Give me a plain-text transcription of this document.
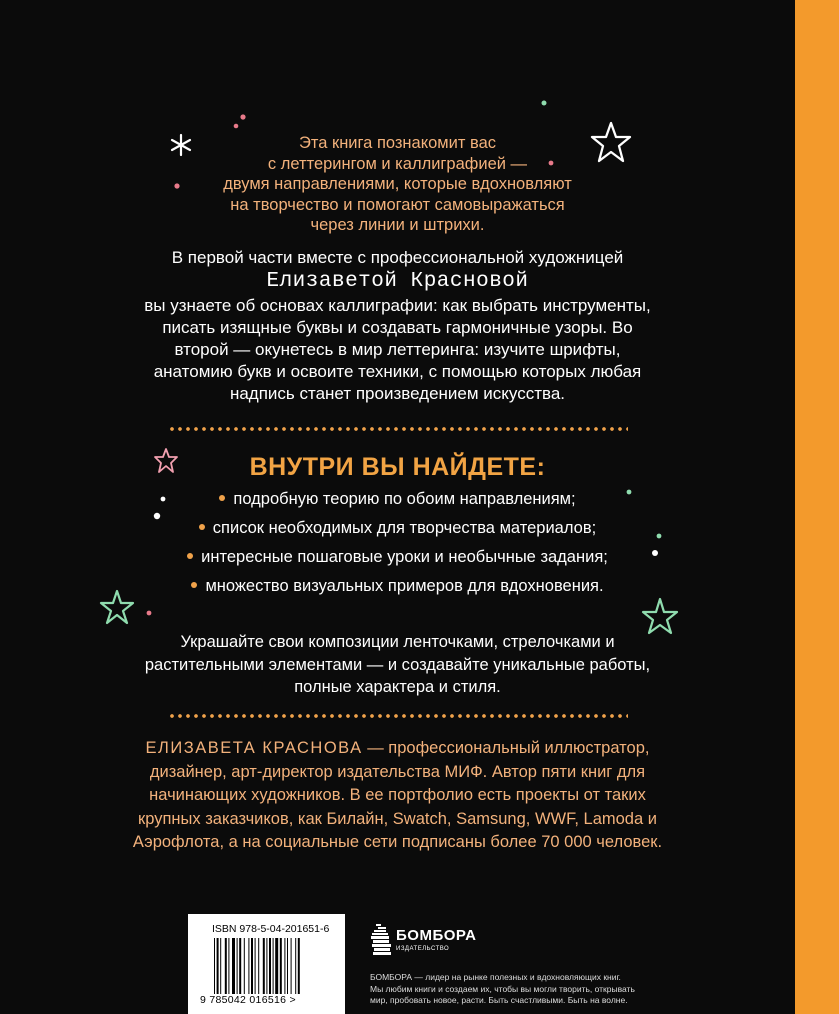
Эта книга познакомит вас
с леттерингом и каллиграфией —
двумя направлениями, которые вдохновляют
на творчество и помогают самовыражаться
через линии и штрихи.
В первой части вместе с профессиональной художницей
Елизаветой Красновой
вы узнаете об основах каллиграфии: как выбрать инструменты,
писать изящные буквы и создавать гармоничные узоры. Во
второй — окунетесь в мир леттеринга: изучите шрифты,
анатомию букв и освоите техники, с помощью которых любая
надпись станет произведением искусства.
ВНУТРИ ВЫ НАЙДЕТЕ:
подробную теорию по обоим направлениям;
список необходимых для творчества материалов;
интересные пошаговые уроки и необычные задания;
множество визуальных примеров для вдохновения.
Украшайте свои композиции ленточками, стрелочками и
растительными элементами — и создавайте уникальные работы,
полные характера и стиля.
ЕЛИЗАВЕТА КРАСНОВА — профессиональный иллюстратор,
дизайнер, арт-директор издательства МИФ. Автор пяти книг для
начинающих художников. В ее портфолио есть проекты от таких
крупных заказчиков, как Билайн, Swatch, Samsung, WWF, Lamoda и
Аэрофлота, а на социальные сети подписаны более 70 000 человек.
ISBN 978-5-04-201651-6
9 785042 016516 >
БОМБОРА
ИЗДАТЕЛЬСТВО
БОМБОРА — лидер на рынке полезных и вдохновляющих книг.
Мы любим книги и создаем их, чтобы вы могли творить, открывать
мир, пробовать новое, расти. Быть счастливыми. Быть на волне.
